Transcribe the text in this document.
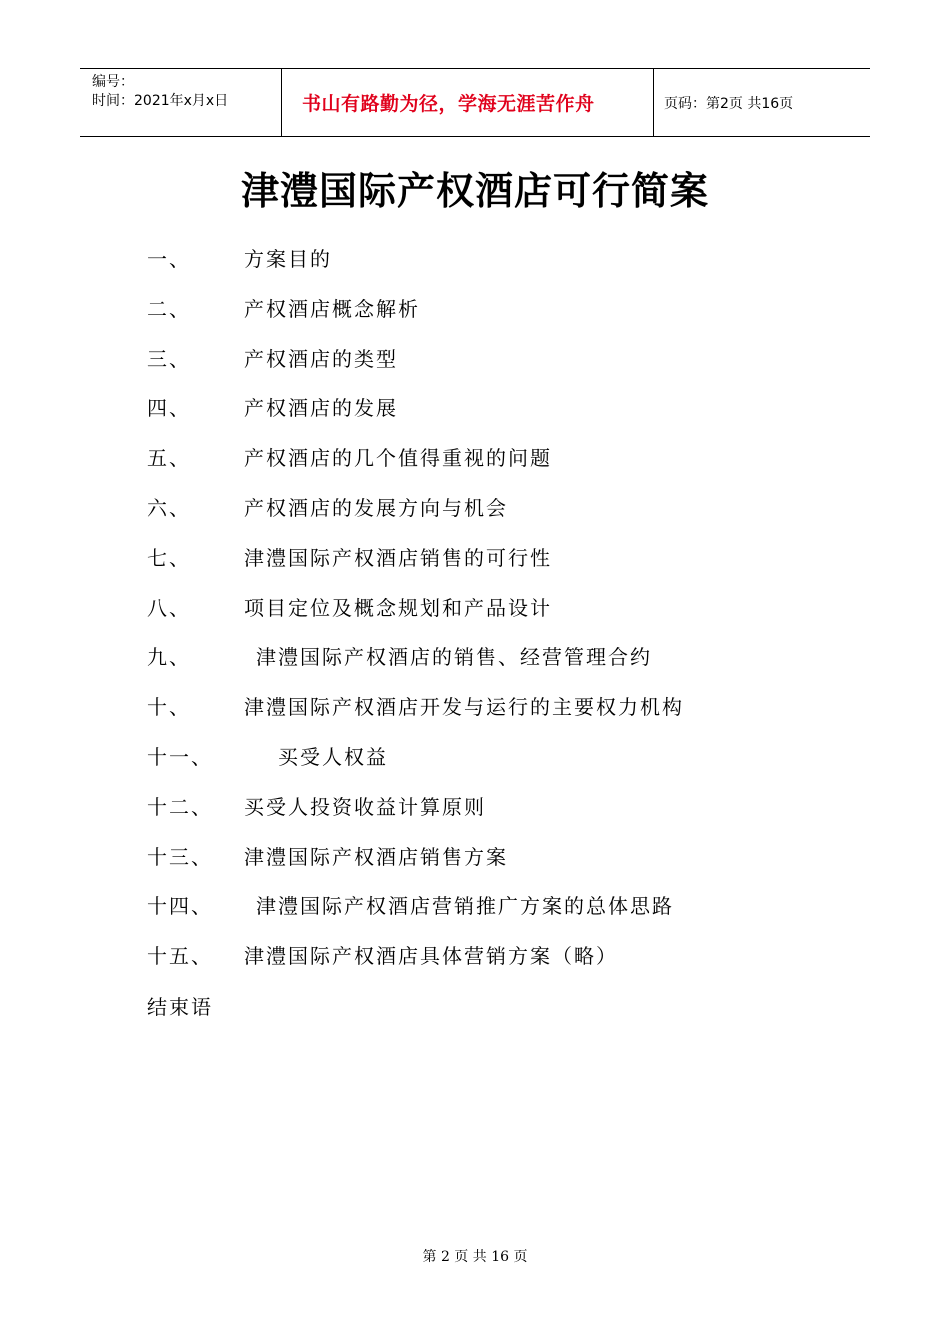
编号：
时间：2021年x月x日	书山有路勤为径，学海无涯苦作舟	页码：第2页 共16页
津澧国际产权酒店可行简案
一、	方案目的
二、	产权酒店概念解析
三、	产权酒店的类型
四、	产权酒店的发展
五、	产权酒店的几个值得重视的问题
六、	产权酒店的发展方向与机会
七、	津澧国际产权酒店销售的可行性
八、	项目定位及概念规划和产品设计
九、	津澧国际产权酒店的销售、经营管理合约
十、	津澧国际产权酒店开发与运行的主要权力机构
十一、	买受人权益
十二、 买受人投资收益计算原则
十三、 津澧国际产权酒店销售方案
十四、 津澧国际产权酒店营销推广方案的总体思路
十五、 津澧国际产权酒店具体营销方案（略）
结束语
第 2 页 共 16 页
